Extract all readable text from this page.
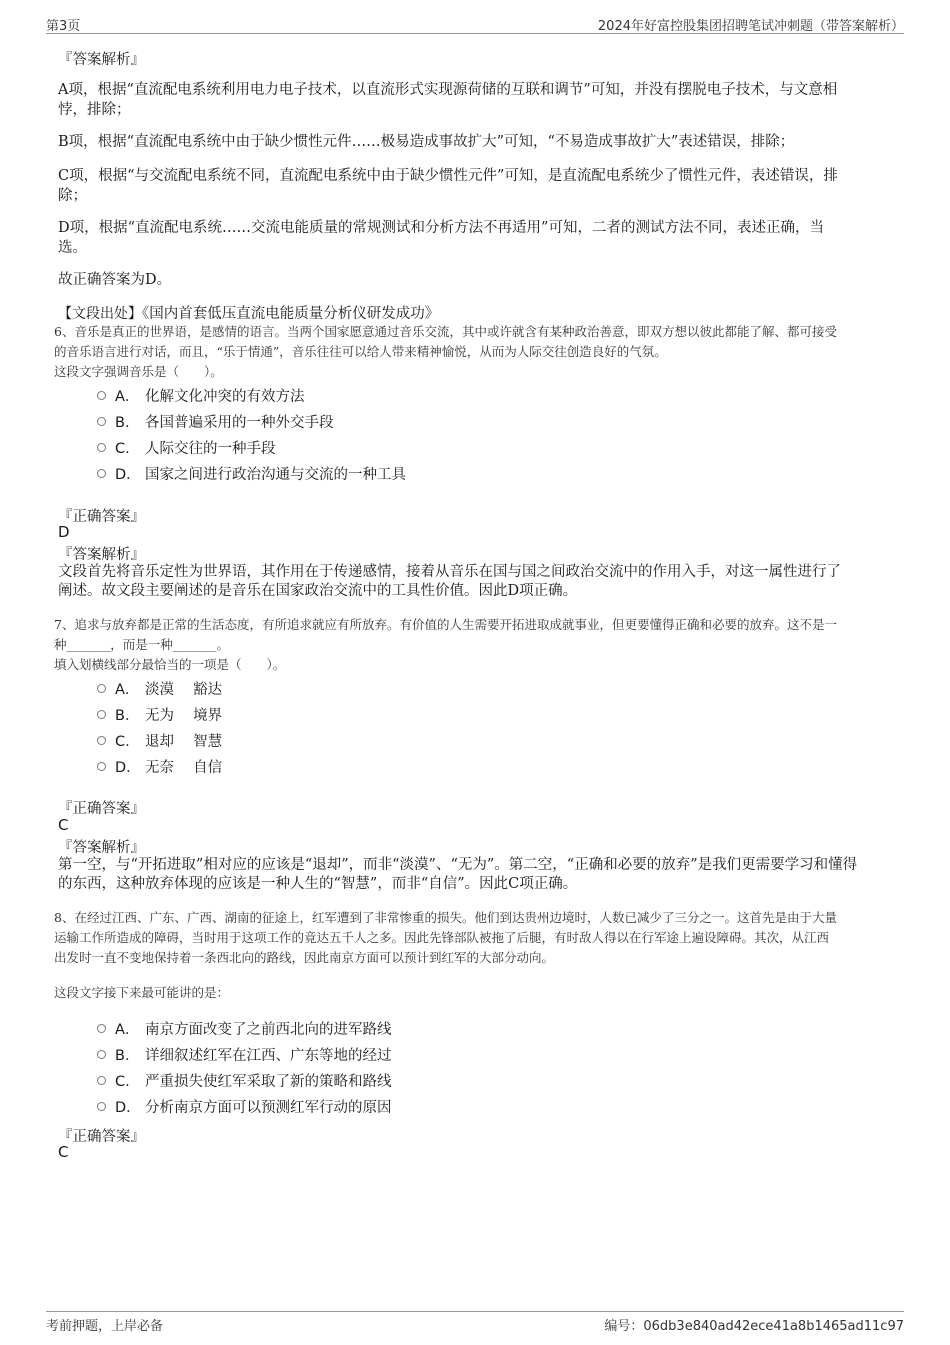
第3页	2024年好富控股集团招聘笔试冲刺题（带答案解析）
『答案解析』
A项，根据“直流配电系统利用电力电子技术，以直流形式实现源荷储的互联和调节”可知，并没有摆脱电子技术，与文意相
悖，排除；
B项，根据“直流配电系统中由于缺少惯性元件……极易造成事故扩大”可知，“不易造成事故扩大”表述错误，排除；
C项，根据“与交流配电系统不同，直流配电系统中由于缺少惯性元件”可知，是直流配电系统少了惯性元件，表述错误，排
除；
D项，根据“直流配电系统……交流电能质量的常规测试和分析方法不再适用”可知，二者的测试方法不同，表述正确，当
选。
故正确答案为D。
【文段出处】《国内首套低压直流电能质量分析仪研发成功》
6、音乐是真正的世界语，是感情的语言。当两个国家愿意通过音乐交流，其中或许就含有某种政治善意，即双方想以彼此都能了解、都可接受
的音乐语言进行对话，而且，“乐于情通”，音乐往往可以给人带来精神愉悦，从而为人际交往创造良好的气氛。
这段文字强调音乐是（　　）。
A． 化解文化冲突的有效方法
B． 各国普遍采用的一种外交手段
C． 人际交往的一种手段
D． 国家之间进行政治沟通与交流的一种工具
『正确答案』
D
『答案解析』
文段首先将音乐定性为世界语，其作用在于传递感情，接着从音乐在国与国之间政治交流中的作用入手，对这一属性进行了
阐述。故文段主要阐述的是音乐在国家政治交流中的工具性价值。因此D项正确。
7、追求与放弃都是正常的生活态度，有所追求就应有所放弃。有价值的人生需要开拓进取成就事业，但更要懂得正确和必要的放弃。这不是一
种_______，而是一种_______。
填入划横线部分最恰当的一项是（　　）。
A． 淡漠　 豁达
B． 无为　 境界
C． 退却　 智慧
D． 无奈　 自信
『正确答案』
C
『答案解析』
第一空，与“开拓进取”相对应的应该是“退却”，而非“淡漠”、“无为”。第二空，“正确和必要的放弃”是我们更需要学习和懂得
的东西，这种放弃体现的应该是一种人生的“智慧”，而非“自信”。因此C项正确。
8、在经过江西、广东、广西、湖南的征途上，红军遭到了非常惨重的损失。他们到达贵州边境时，人数已减少了三分之一。这首先是由于大量
运输工作所造成的障碍，当时用于这项工作的竟达五千人之多。因此先锋部队被拖了后腿，有时敌人得以在行军途上遍设障碍。其次，从江西
出发时一直不变地保持着一条西北向的路线，因此南京方面可以预计到红军的大部分动向。
这段文字接下来最可能讲的是：
A． 南京方面改变了之前西北向的进军路线
B． 详细叙述红军在江西、广东等地的经过
C． 严重损失使红军采取了新的策略和路线
D． 分析南京方面可以预测红军行动的原因
『正确答案』
C
考前押题，上岸必备	编号：06db3e840ad42ece41a8b1465ad11c97
